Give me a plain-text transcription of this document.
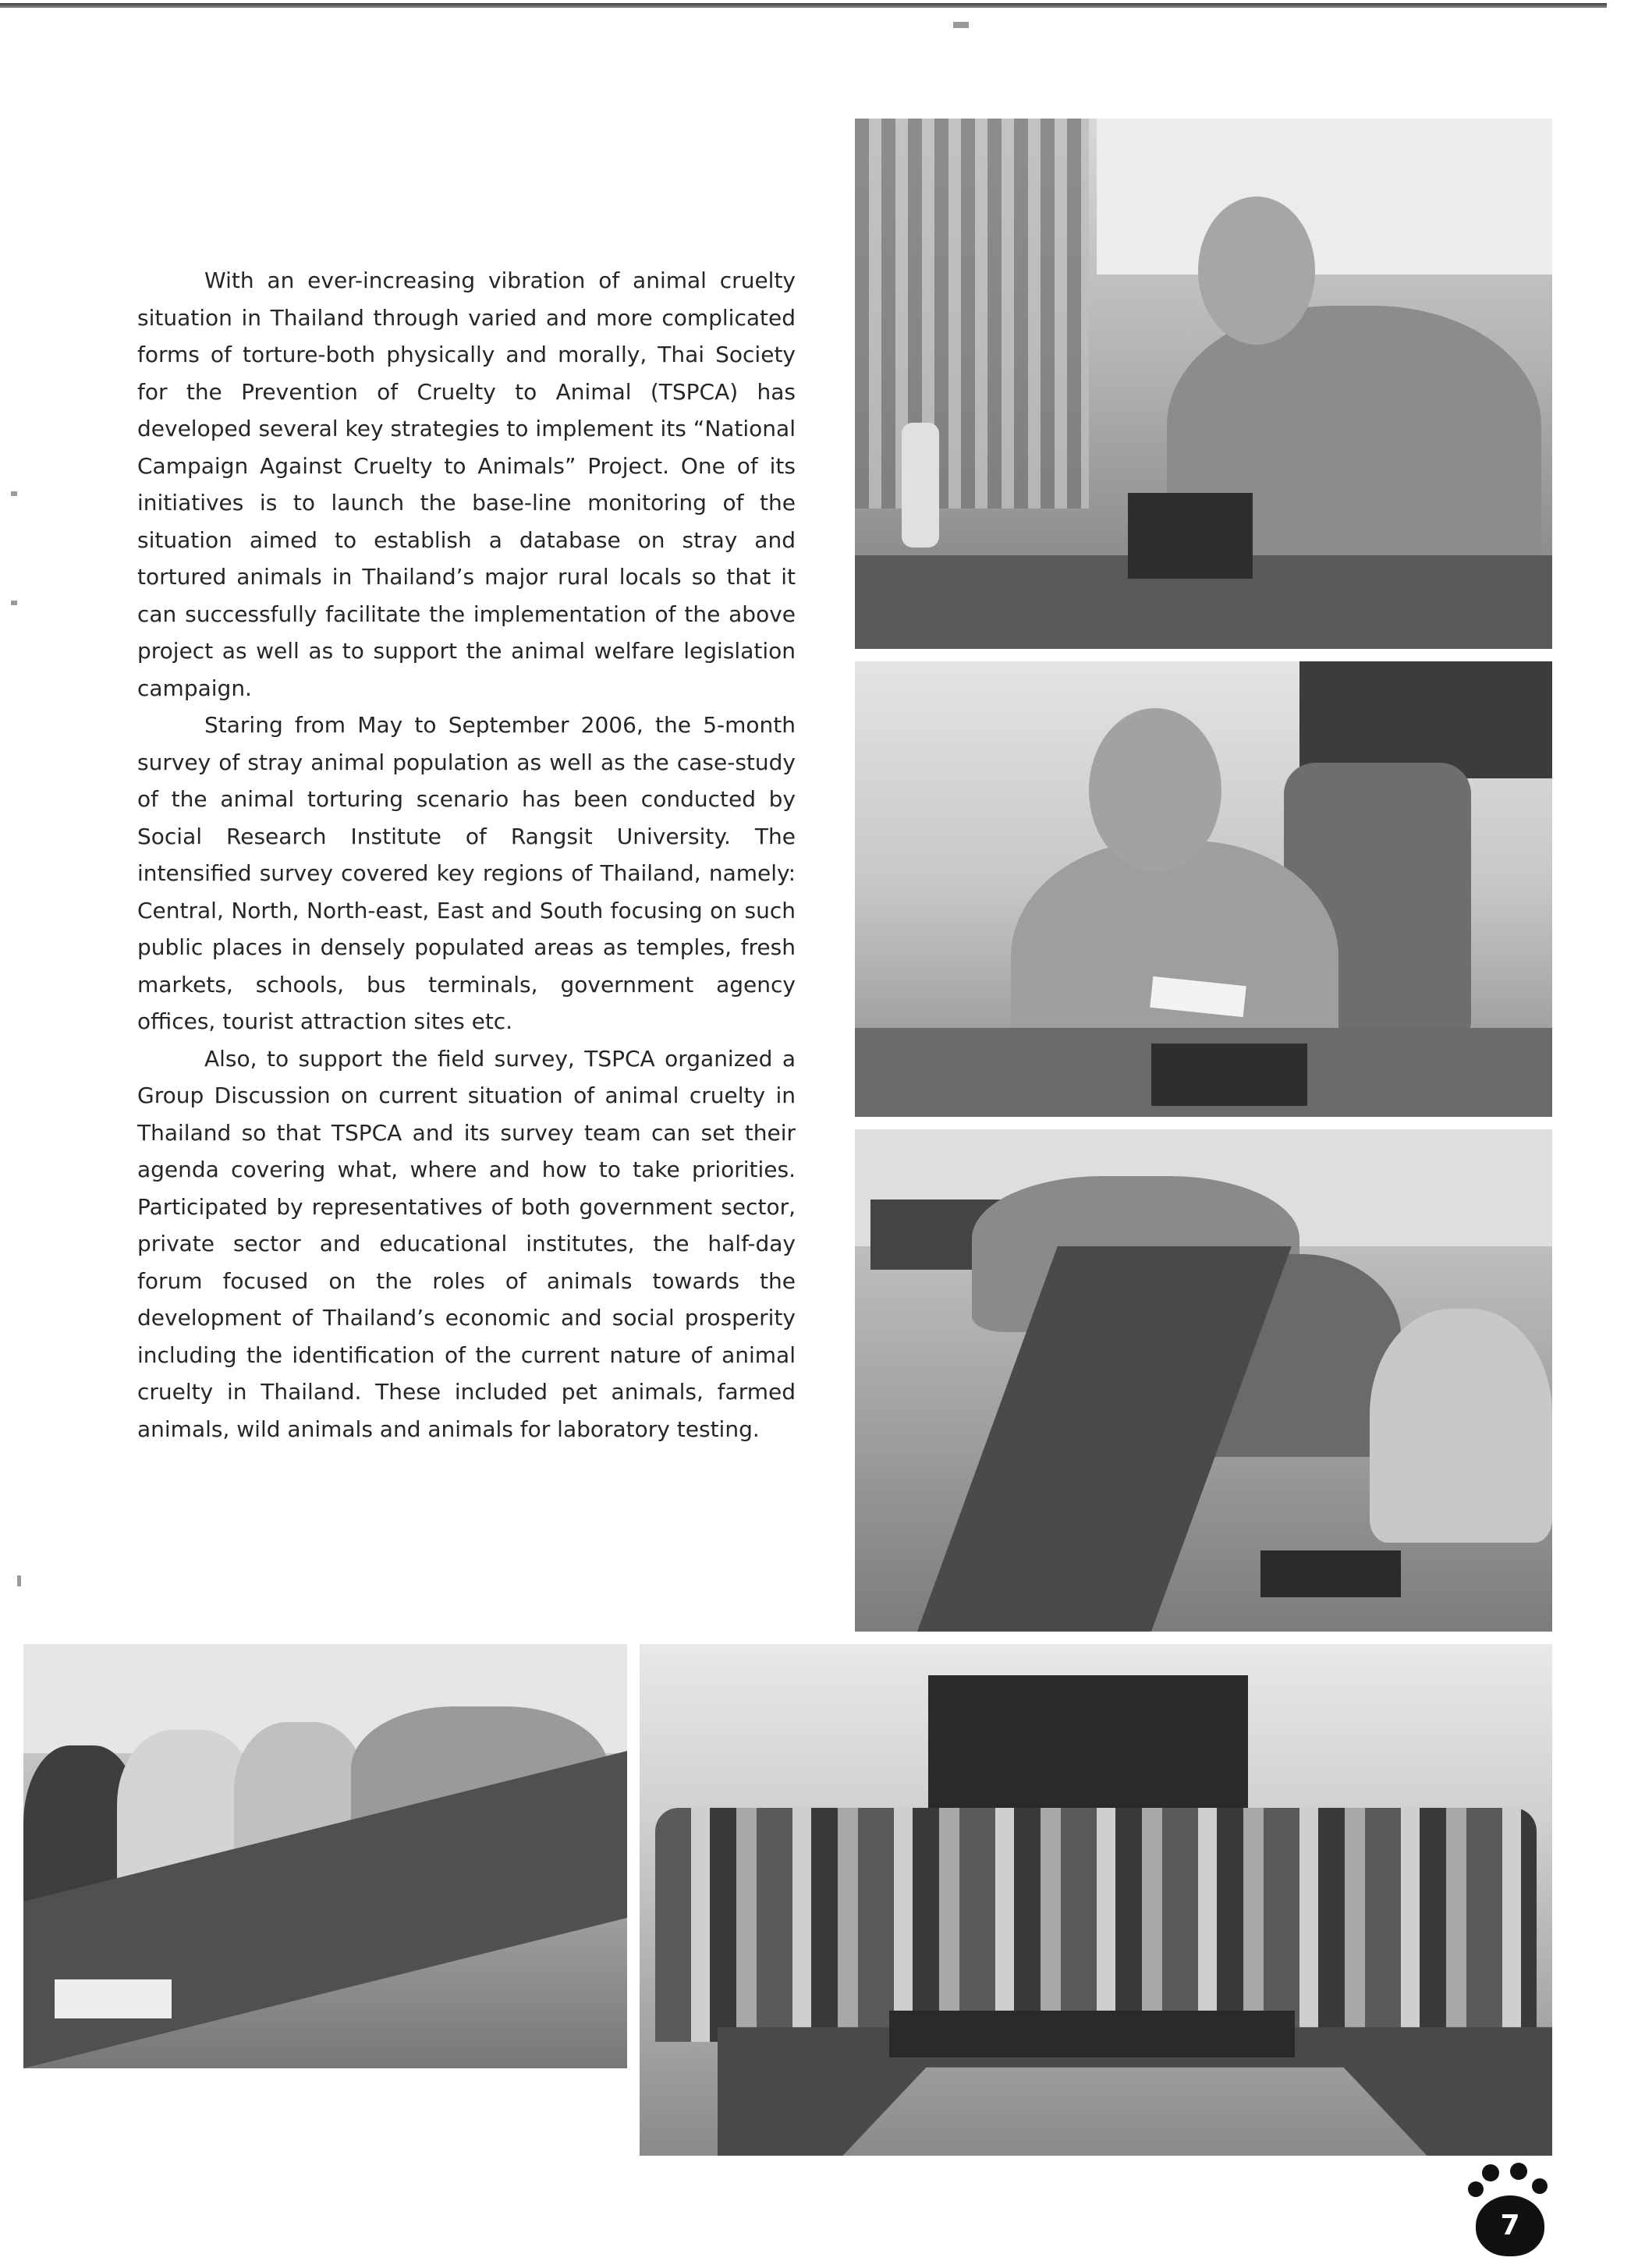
With an ever-increasing vibration of animal cruelty situation in Thailand through varied and more complicated forms of torture-both physically and morally, Thai Society for the Prevention of Cruelty to Animal (TSPCA) has developed several key strategies to implement its “National Campaign Against Cruelty to Animals” Project. One of its initiatives is to launch the base-line monitoring of the situation aimed to establish a database on stray and tortured animals in Thailand’s major rural locals so that it can successfully facilitate the implementation of the above project as well as to support the animal welfare legislation campaign.

Staring from May to September 2006, the 5-month survey of stray animal population as well as the case-study of the animal torturing scenario has been conducted by Social Research Institute of Rangsit University. The intensified survey covered key regions of Thailand, namely: Central, North, North-east, East and South focusing on such public places in densely populated areas as temples, fresh markets, schools, bus terminals, government agency offices, tourist attraction sites etc.

Also, to support the field survey, TSPCA organized a Group Discussion on current situation of animal cruelty in Thailand so that TSPCA and its survey team can set their agenda covering what, where and how to take priorities. Participated by representatives of both government sector, private sector and educational institutes, the half-day forum focused on the roles of animals towards the development of Thailand’s economic and social prosperity including the identification of the current nature of animal cruelty in Thailand. These included pet animals, farmed animals, wild animals and animals for laboratory testing.

7
